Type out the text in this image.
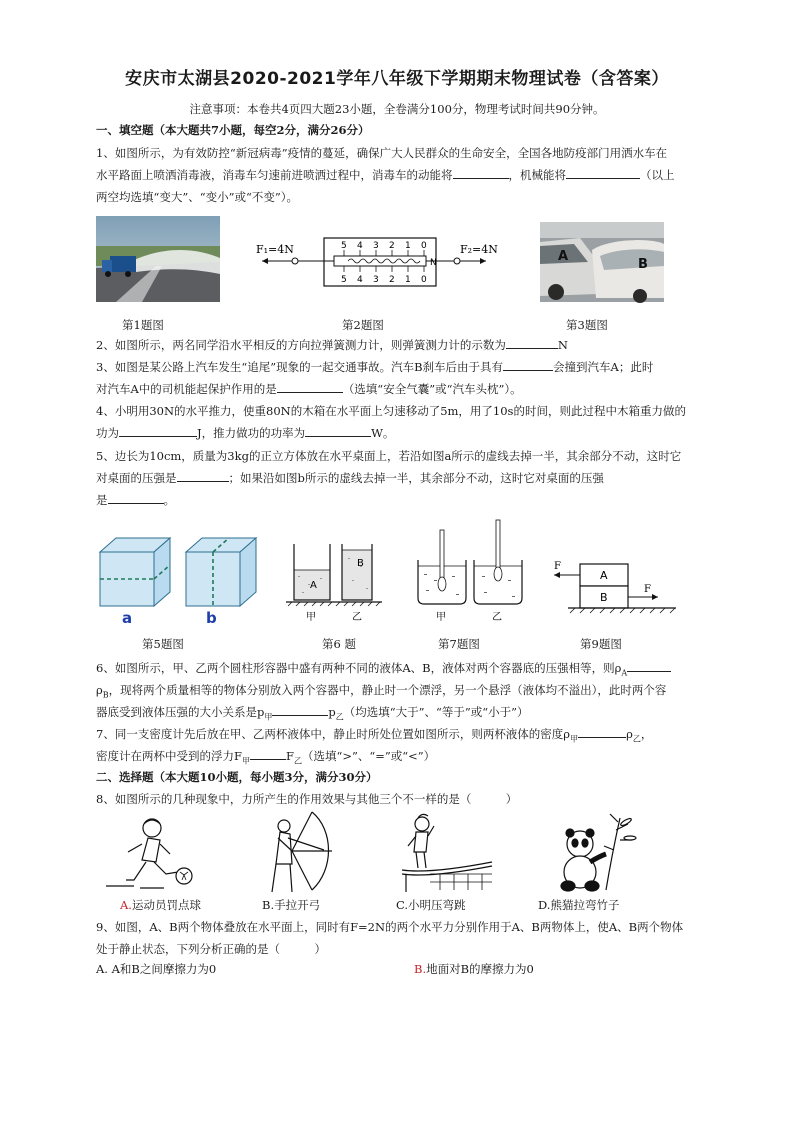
安庆市太湖县2020-2021学年八年级下学期期末物理试卷（含答案）
注意事项：本卷共4页四大题23小题，全卷满分100分，物理考试时间共90分钟。
一、填空题（本大题共7小题，每空2分，满分26分）
1、如图所示，为有效防控“新冠病毒”疫情的蔓延，确保广大人民群众的生命安全，全国各地防疫部门用洒水车在
水平路面上喷洒消毒液，消毒车匀速前进喷洒过程中，消毒车的动能将	，机械能将	（以上
两空均选填“变大”、“变小”或“不变”）。
F₁=4N	F₂=4N
5 4 3 2 1 0
5 4 3 2 1 0
N	A
B
第1题图	第2题图	第3题图
2、如图所示，两名同学沿水平相反的方向拉弹簧测力计，则弹簧测力计的示数为	N
3、如图是某公路上汽车发生“追尾”现象的一起交通事故。汽车B刹车后由于具有	会撞到汽车A；此时
对汽车A中的司机能起保护作用的是	（选填“安全气囊”或“汽车头枕”）。
4、小明用30N的水平推力，使重80N的木箱在水平面上匀速移动了5m，用了10s的时间，则此过程中木箱重力做的
功为	J，推力做功的功率为	W。
5、边长为10cm，质量为3kg的正立方体放在水平桌面上，若沿如图a所示的虚线去掉一半，其余部分不动，这时它
对桌面的压强是	；如果沿如图b所示的虚线去掉一半，其余部分不动，这时它对桌面的压强
是	。
a	b
A
B
甲	乙	甲	乙
F
F
A
B
第5题图	第6 题	第7题图	第9题图
6、如图所示，甲、乙两个圆柱形容器中盛有两种不同的液体A、B，液体对两个容器底的压强相等，则$\rho_A$
$\rho_B$，现将两个质量相等的物体分别放入两个容器中，静止时一个漂浮，另一个悬浮（液体均不溢出），此时两个容
器底受到液体压强的大小关系是$p_甲$	$p_乙$（均选填“大于”、“等于”或“小于”）
7、同一支密度计先后放在甲、乙两杯液体中，静止时所处位置如图所示，则两杯液体的密度$\rho_甲$	$\rho_乙$，
密度计在两杯中受到的浮力$F_甲$	$F_乙$（选填“>”、“=”或“<”）
二、选择题（本大题10小题，每小题3分，满分30分）
8、如图所示的几种现象中，力所产生的作用效果与其他三个不一样的是（　　　）
A.运动员罚点球	B.手拉开弓	C.小明压弯跳	D.熊猫拉弯竹子
9、如图，A、B两个物体叠放在水平面上，同时有F=2N的两个水平力分别作用于A、B两物体上，使A、B两个物体
处于静止状态，下列分析正确的是（　　　）
A. A和B之间摩擦力为0	B.地面对B的摩擦力为0
